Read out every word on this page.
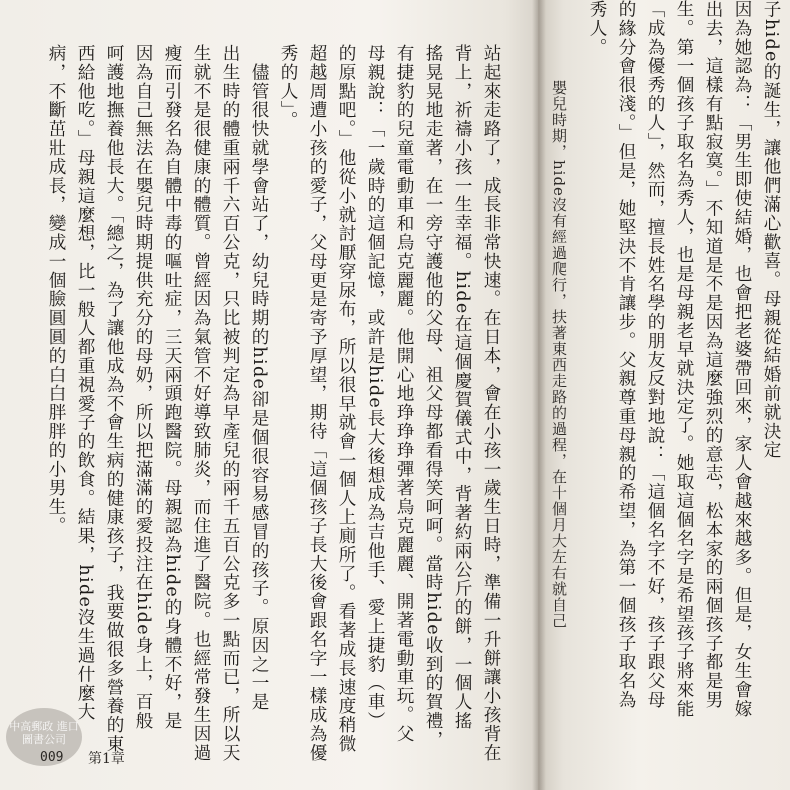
站起來走路了，成長非常快速。在日本，會在小孩一歲生日時，準備一升餅讓小孩背在
背上，祈禱小孩一生幸福。hide在這個慶賀儀式中，背著約兩公斤的餅，一個人搖
搖晃晃地走著，在一旁守護他的父母、祖父母都看得笑呵呵。當時hide收到的賀禮，
有捷豹的兒童電動車和烏克麗麗。他開心地琤琤琤彈著烏克麗麗、開著電動車玩。父
母親說：「一歲時的這個記憶，或許是hide長大後想成為吉他手、愛上捷豹（車）
的原點吧。」他從小就討厭穿尿布，所以很早就會一個人上廁所了。看著成長速度稍微
超越周遭小孩的愛子，父母更是寄予厚望，期待「這個孩子長大後會跟名字一樣成為優
秀的人」。
　儘管很快就學會站了，幼兒時期的hide卻是個很容易感冒的孩子。原因之一是
出生時的體重兩千六百公克，只比被判定為早產兒的兩千五百公克多一點而已，所以天
生就不是很健康的體質。曾經因為氣管不好導致肺炎，而住進了醫院。也經常發生因過
瘦而引發名為自體中毒的嘔吐症，三天兩頭跑醫院。母親認為hide的身體不好，是
因為自己無法在嬰兒時期提供充分的母奶，所以把滿滿的愛投注在hide身上，百般
呵護地撫養他長大。「總之，為了讓他成為不會生病的健康孩子，我要做很多營養的東
西給他吃。」母親這麼想，比一般人都重視愛子的飲食。結果，hide沒生過什麼大
病，不斷茁壯成長，變成一個臉圓圓的白白胖胖的小男生。
中高郵政 進口圖書公司
009 第1章
子hide的誕生，讓他們滿心歡喜。母親從結婚前就決定
因為她認為：「男生即使結婚，也會把老婆帶回來，家人會越來越多。但是，女生會嫁
出去，這樣有點寂寞。」不知道是不是因為這麼強烈的意志，松本家的兩個孩子都是男
生。第一個孩子取名為秀人，也是母親老早就決定了。她取這個名字是希望孩子將來能
「成為優秀的人」，然而，擅長姓名學的朋友反對地說：「這個名字不好，孩子跟父母
的緣分會很淺。」但是，她堅決不肯讓步。父親尊重母親的希望，為第一個孩子取名為
秀人。
嬰兒時期，hide沒有經過爬行，扶著東西走路的過程，在十個月大左右就自己
